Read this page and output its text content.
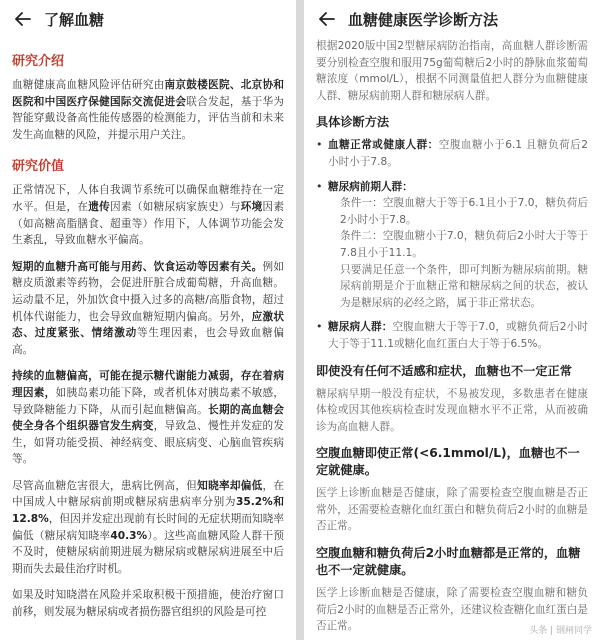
了解血糖
研究介绍

血糖健康高血糖风险评估研究由南京鼓楼医院、北京协和医院和中国医疗保健国际交流促进会联合发起，基于华为智能穿戴设备高性能传感器的检测能力，评估当前和未来发生高血糖的风险，并提示用户关注。

研究价值

正常情况下，人体自我调节系统可以确保血糖维持在一定水平。但是，在遗传因素（如糖尿病家族史）与环境因素（如高糖高脂膳食、超重等）作用下，人体调节功能会发生紊乱，导致血糖水平偏高。

短期的血糖升高可能与用药、饮食运动等因素有关。例如糖皮质激素等药物，会促进肝脏合成葡萄糖，升高血糖。运动量不足，外加饮食中摄入过多的高糖/高脂食物，超过机体代谢能力，也会导致血糖短期内偏高。另外，应激状态、过度紧张、情绪激动等生理因素，也会导致血糖偏高。

持续的血糖偏高，可能在提示糖代谢能力减弱，存在着病理因素，如胰岛素功能下降，或者机体对胰岛素不敏感，导致降糖能力下降，从而引起血糖偏高。长期的高血糖会使全身各个组织器官发生病变，导致急、慢性并发症的发生，如肾功能受损、神经病变、眼底病变、心脑血管疾病等。

尽管高血糖危害很大，患病比例高，但知晓率却偏低，在中国成人中糖尿病前期或糖尿病患病率分别为35.2%和12.8%，但因并发症出现前有长时间的无症状期而知晓率偏低（糖尿病知晓率40.3%）。这些高血糖风险人群干预不及时，使糖尿病前期进展为糖尿病或糖尿病进展至中后期而失去最佳治疗时机。

如果及时知晓潜在风险并采取积极干预措施，使治疗窗口前移，则发展为糖尿病或者损伤器官组织的风险是可控

血糖健康医学诊断方法

根据2020版中国2型糖尿病防治指南，高血糖人群诊断需要分别检查空腹和服用75g葡萄糖后2小时的静脉血浆葡萄糖浓度（mmol/L），根据不同测量值把人群分为血糖健康人群、糖尿病前期人群和糖尿病人群。

具体诊断方法
• 血糖正常或健康人群：空腹血糖小于6.1 且糖负荷后2小时小于7.8。
• 糖尿病前期人群：
条件一：空腹血糖大于等于6.1且小于7.0，糖负荷后2小时小于7.8。
条件二：空腹血糖小于7.0，糖负荷后2小时大于等于7.8且小于11.1。
只要满足任意一个条件，即可判断为糖尿病前期。糖尿病前期是介于血糖正常和糖尿病之间的状态，被认为是糖尿病的必经之路，属于非正常状态。
• 糖尿病人群：空腹血糖大于等于7.0，或糖负荷后2小时大于等于11.1或糖化血红蛋白大于等于6.5%。
即使没有任何不适感和症状，血糖也不一定正常

糖尿病早期一般没有症状，不易被发现，多数患者在健康体检或因其他疾病检查时发现血糖水平不正常，从而被确诊为高血糖人群。

空腹血糖即使正常(<6.1mmol/L)，血糖也不一定就健康。

医学上诊断血糖是否健康，除了需要检查空腹血糖是否正常外，还需要检查糖化血红蛋白和糖负荷后2小时的血糖是否正常。

空腹血糖和糖负荷后2小时血糖都是正常的，血糖也不一定就健康。

医学上诊断血糖是否健康，除了需要检查空腹血糖和糖负荷后2小时的血糖是否正常外，还建议检查糖化血红蛋白是否正常。	头条 | 钢闸同学
